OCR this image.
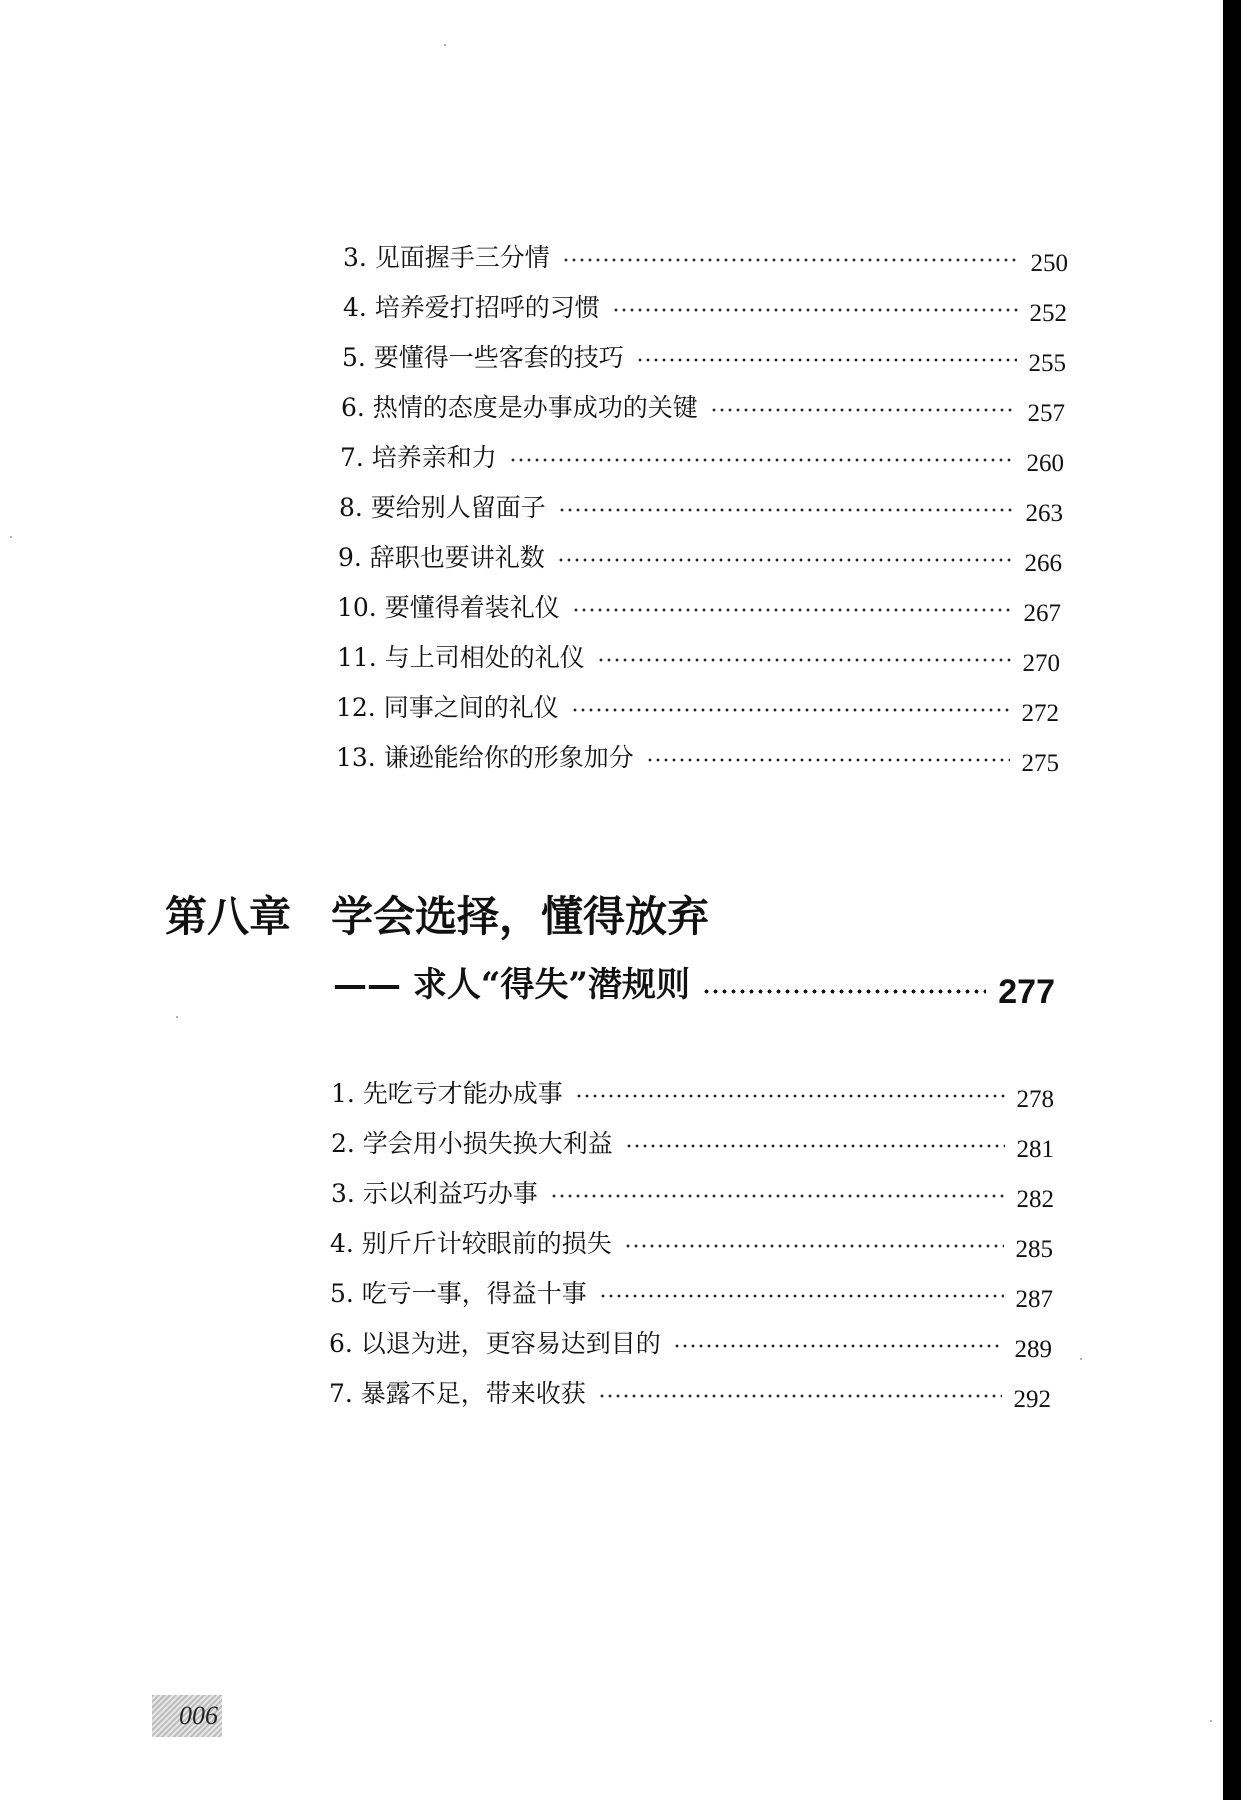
3. 见面握手三分情	250
4. 培养爱打招呼的习惯	252
5. 要懂得一些客套的技巧	255
6. 热情的态度是办事成功的关键	257
7. 培养亲和力	260
8. 要给别人留面子	263
9. 辞职也要讲礼数	266
10. 要懂得着装礼仪	267
11. 与上司相处的礼仪	270
12. 同事之间的礼仪	272
13. 谦逊能给你的形象加分	275
第八章 学会选择，懂得放弃
—— 求人“得失”潜规则	277
1. 先吃亏才能办成事	278
2. 学会用小损失换大利益	281
3. 示以利益巧办事	282
4. 别斤斤计较眼前的损失	285
5. 吃亏一事，得益十事	287
6. 以退为进，更容易达到目的	289
7. 暴露不足，带来收获	292
006
